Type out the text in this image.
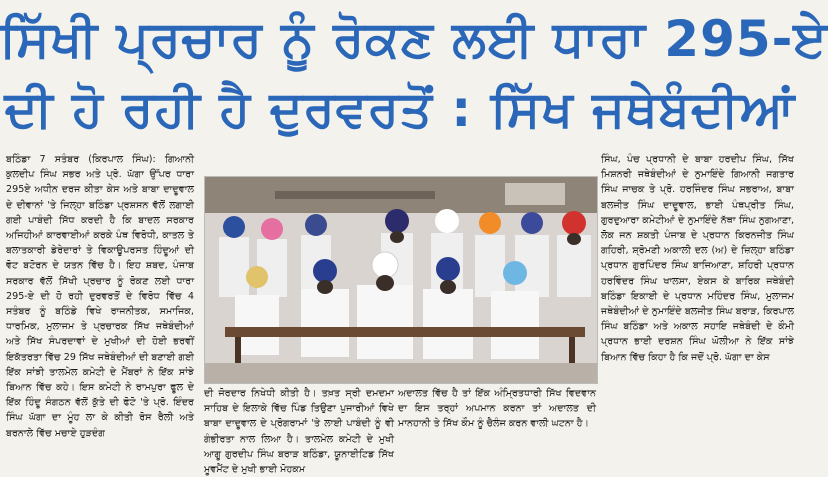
ਸਿੱਖੀ ਪ੍ਰਚਾਰ ਨੂੰ ਰੋਕਣ ਲਈ ਧਾਰਾ 295-ਏ
ਦੀ ਹੋ ਰਹੀ ਹੈ ਦੁਰਵਰਤੋਂ : ਸਿੱਖ ਜਥੇਬੰਦੀਆਂ

ਬਠਿੰਡਾ 7 ਸਤੰਬਰ (ਕਿਰਪਾਲ ਸਿੰਘ): ਗਿਆਨੀ ਕੁਲਦੀਪ ਸਿੰਘ ਸਭਰ ਅਤੇ ਪ੍ਰੋ. ਘੱਗਾ ਉੱਪਰ ਧਾਰਾ 295ਏ ਅਧੀਨ ਦਰਜ ਕੀਤਾ ਕੇਸ ਅਤੇ ਬਾਬਾ ਦਾਦੂਵਾਲ ਦੇ ਦੀਵਾਨਾਂ 'ਤੇ ਜਿਲ੍ਹਾ ਬਠਿੰਡਾ ਪ੍ਰਸ਼ਸਨ ਵੱਲੋਂ ਲਗਾਈ ਗਈ ਪਾਬੰਦੀ ਸਿੱਧ ਕਰਦੀ ਹੈ ਕਿ ਬਾਦਲ ਸਰਕਾਰ ਅਜਿਹੀਆਂ ਕਾਰਵਾਈਆਂ ਕਰਕੇ ਪੰਥ ਵਿਰੋਧੀ, ਕਾਤਲ ਤੇ ਬਲਾਤਕਾਰੀ ਡੇਰੇਦਾਰਾਂ ਤੇ ਵਿਕਾਊਪਰਸਤ ਹਿੰਦੂਆਂ ਦੀ ਵੋਟ ਬਟੋਰਨ ਦੇ ਯਤਨ ਵਿੱਚ ਹੈ। ਇਹ ਸ਼ਬਦ, ਪੰਜਾਬ ਸਰਕਾਰ ਵੱਲੋਂ ਸਿੱਖੀ ਪ੍ਰਚਾਰ ਨੂੰ ਰੋਕਣ ਲਈ ਧਾਰਾ 295-ਏ ਦੀ ਹੋ ਰਹੀ ਦੁਰਵਰਤੋਂ ਦੇ ਵਿਰੋਧ ਵਿੱਚ 4 ਸਤੰਬਰ ਨੂੰ ਬਠਿੰਡੇ ਵਿਖੇ ਰਾਜਨੀਤਕ, ਸਮਾਜਿਕ, ਧਾਰਮਿਕ, ਮੁਲਾਜਮ ਤੇ ਪ੍ਰਚਾਰਕ ਸਿੱਖ ਜਥੇਬੰਦੀਆਂ ਅਤੇ ਸਿੱਖ ਸੰਪਰਦਾਵਾਂ ਦੇ ਮੁਖੀਆਂ ਦੀ ਹੋਈ ਭਰਵੀਂ ਇਕੱਤਰਤਾ ਵਿੱਚ 29 ਸਿੱਖ ਜਥੇਬੰਦੀਆਂ ਦੀ ਬਣਾਈ ਗਈ ਇੱਕ ਸਾਂਝੀ ਤਾਲਮੇਲ ਕਮੇਟੀ ਦੇ ਮੈਂਬਰਾਂ ਨੇ ਇੱਕ ਸਾਂਝੇ ਬਿਆਨ ਵਿੱਚ ਕਹੇ। ਇਸ ਕਮੇਟੀ ਨੇ ਰਾਮਪੁਰਾ ਫੂਲ ਦੇ ਇੱਕ ਹਿੰਦੂ ਸੰਗਠਨ ਵੱਲੋਂ ਕੁੱਤੇ ਦੀ ਫੋਟੋ 'ਤੇ ਪ੍ਰੋ. ਇੰਦਰ ਸਿੰਘ ਘੱਗਾ ਦਾ ਮੂੰਹ ਲਾ ਕੇ ਕੀਤੀ ਰੋਸ ਰੈਲੀ ਅਤੇ ਬਰਨਾਲੇ ਵਿੱਚ ਮਚਾਏ ਹੁੜਦੰਗ

ਦੀ ਜੋਰਦਾਰ ਨਿਖੇਧੀ ਕੀਤੀ ਹੈ। ਤਖ਼ਤ ਸ੍ਰੀ ਦਮਦਮਾ ਸਾਹਿਬ ਦੇ ਇਲਾਕੇ ਵਿੱਚ ਪਿੰਡ ਤਿਉਣਾ ਪੁਜਾਰੀਆਂ ਵਿਖੇ ਬਾਬਾ ਦਾਦੂਵਾਲ ਦੇ ਪ੍ਰੋਗਰਾਮਾਂ 'ਤੇ ਲਾਈ ਪਾਬੰਦੀ ਨੂੰ ਵੀ ਗੰਭੀਰਤਾ ਨਾਲ ਲਿਆ ਹੈ। ਤਾਲਮੇਲ ਕਮੇਟੀ ਦੇ ਮੁਖੀ ਆਗੂ ਗੁਰਦੀਪ ਸਿੰਘ ਬਰਾੜ ਬਠਿੰਡਾ, ਯੂਨਾਈਟਿਡ ਸਿੱਖ ਮੂਵਮੈਂਟ ਦੇ ਮੁਖੀ ਭਾਈ ਮੋਹਕਮ

ਅਦਾਲਤ ਵਿੱਚ ਹੈ ਤਾਂ ਇੱਕ ਅੰਮ੍ਰਿਤਧਾਰੀ ਸਿੱਖ ਵਿਦਵਾਨ ਦਾ ਇਸ ਤਰ੍ਹਾਂ ਅਪਮਾਨ ਕਰਨਾ ਤਾਂ ਅਦਾਲਤ ਦੀ ਮਾਨਹਾਨੀ ਤੇ ਸਿੱਖ ਕੌਮ ਨੂੰ ਚੈਲੰਜ ਕਰਨ ਵਾਲੀ ਘਟਨਾ ਹੈ।

ਸਿੰਘ, ਪੰਚ ਪ੍ਰਧਾਨੀ ਦੇ ਬਾਬਾ ਹਰਦੀਪ ਸਿੰਘ, ਸਿੱਖ ਮਿਸ਼ਨਰੀ ਜਥੇਬੰਦੀਆਂ ਦੇ ਨੁਮਾਇੰਦੇ ਗਿਆਨੀ ਜਗਤਾਰ ਸਿੰਘ ਜਾਚਕ ਤੇ ਪ੍ਰੋ. ਹਰਜਿੰਦਰ ਸਿੰਘ ਸਭਰਾਅ, ਬਾਬਾ ਬਲਜੀਤ ਸਿੰਘ ਦਾਦੂਵਾਲ, ਭਾਈ ਪੰਥਪ੍ਰੀਤ ਸਿੰਘ, ਗੁਰਦੁਆਰਾ ਕਮੇਟੀਆਂ ਦੇ ਨੁਮਾਇੰਦੇ ਨੱਥਾ ਸਿੰਘ ਨੁਗਆਣਾ, ਲੋਕ ਜਨ ਸ਼ਕਤੀ ਪੰਜਾਬ ਦੇ ਪ੍ਰਧਾਨ ਕਿਰਨਜੀਤ ਸਿੰਘ ਗਹਿਰੀ, ਸ਼੍ਰੋਮਣੀ ਅਕਾਲੀ ਦਲ (ਅ) ਦੇ ਜ਼ਿਲ੍ਹਾ ਬਠਿੰਡਾ ਪ੍ਰਧਾਨ ਗੁਰਪਿੰਦਰ ਸਿੰਘ ਬਾਜਿਆਣਾ, ਸ਼ਹਿਰੀ ਪ੍ਰਧਾਨ ਹਰਵਿੰਦਰ ਸਿੰਘ ਖਾਲਸਾ, ਏਕਸ ਕੇ ਬਾਰਿਕ ਜਥੇਬੰਦੀ ਬਠਿੰਡਾ ਇਕਾਈ ਦੇ ਪ੍ਰਧਾਨ ਮਹਿੰਦਰ ਸਿੰਘ, ਮੁਲਾਜਮ ਜਥੇਬੰਦੀਆਂ ਦੇ ਨੁਮਾਇੰਦੇ ਬਲਜੀਤ ਸਿੰਘ ਬਰਾੜ, ਕਿਰਪਾਲ ਸਿੰਘ ਬਠਿੰਡਾ ਅਤੇ ਅਕਾਲ ਸਹਾਇ ਜਥੇਬੰਦੀ ਦੇ ਕੌਮੀ ਪ੍ਰਧਾਨ ਭਾਈ ਦਰਸ਼ਨ ਸਿੰਘ ਘੋਲੀਆ ਨੇ ਇੱਕ ਸਾਂਝੇ ਬਿਆਨ ਵਿੱਚ ਕਿਹਾ ਹੈ ਕਿ ਜਦੋਂ ਪ੍ਰੋ. ਘੱਗਾ ਦਾ ਕੇਸ
